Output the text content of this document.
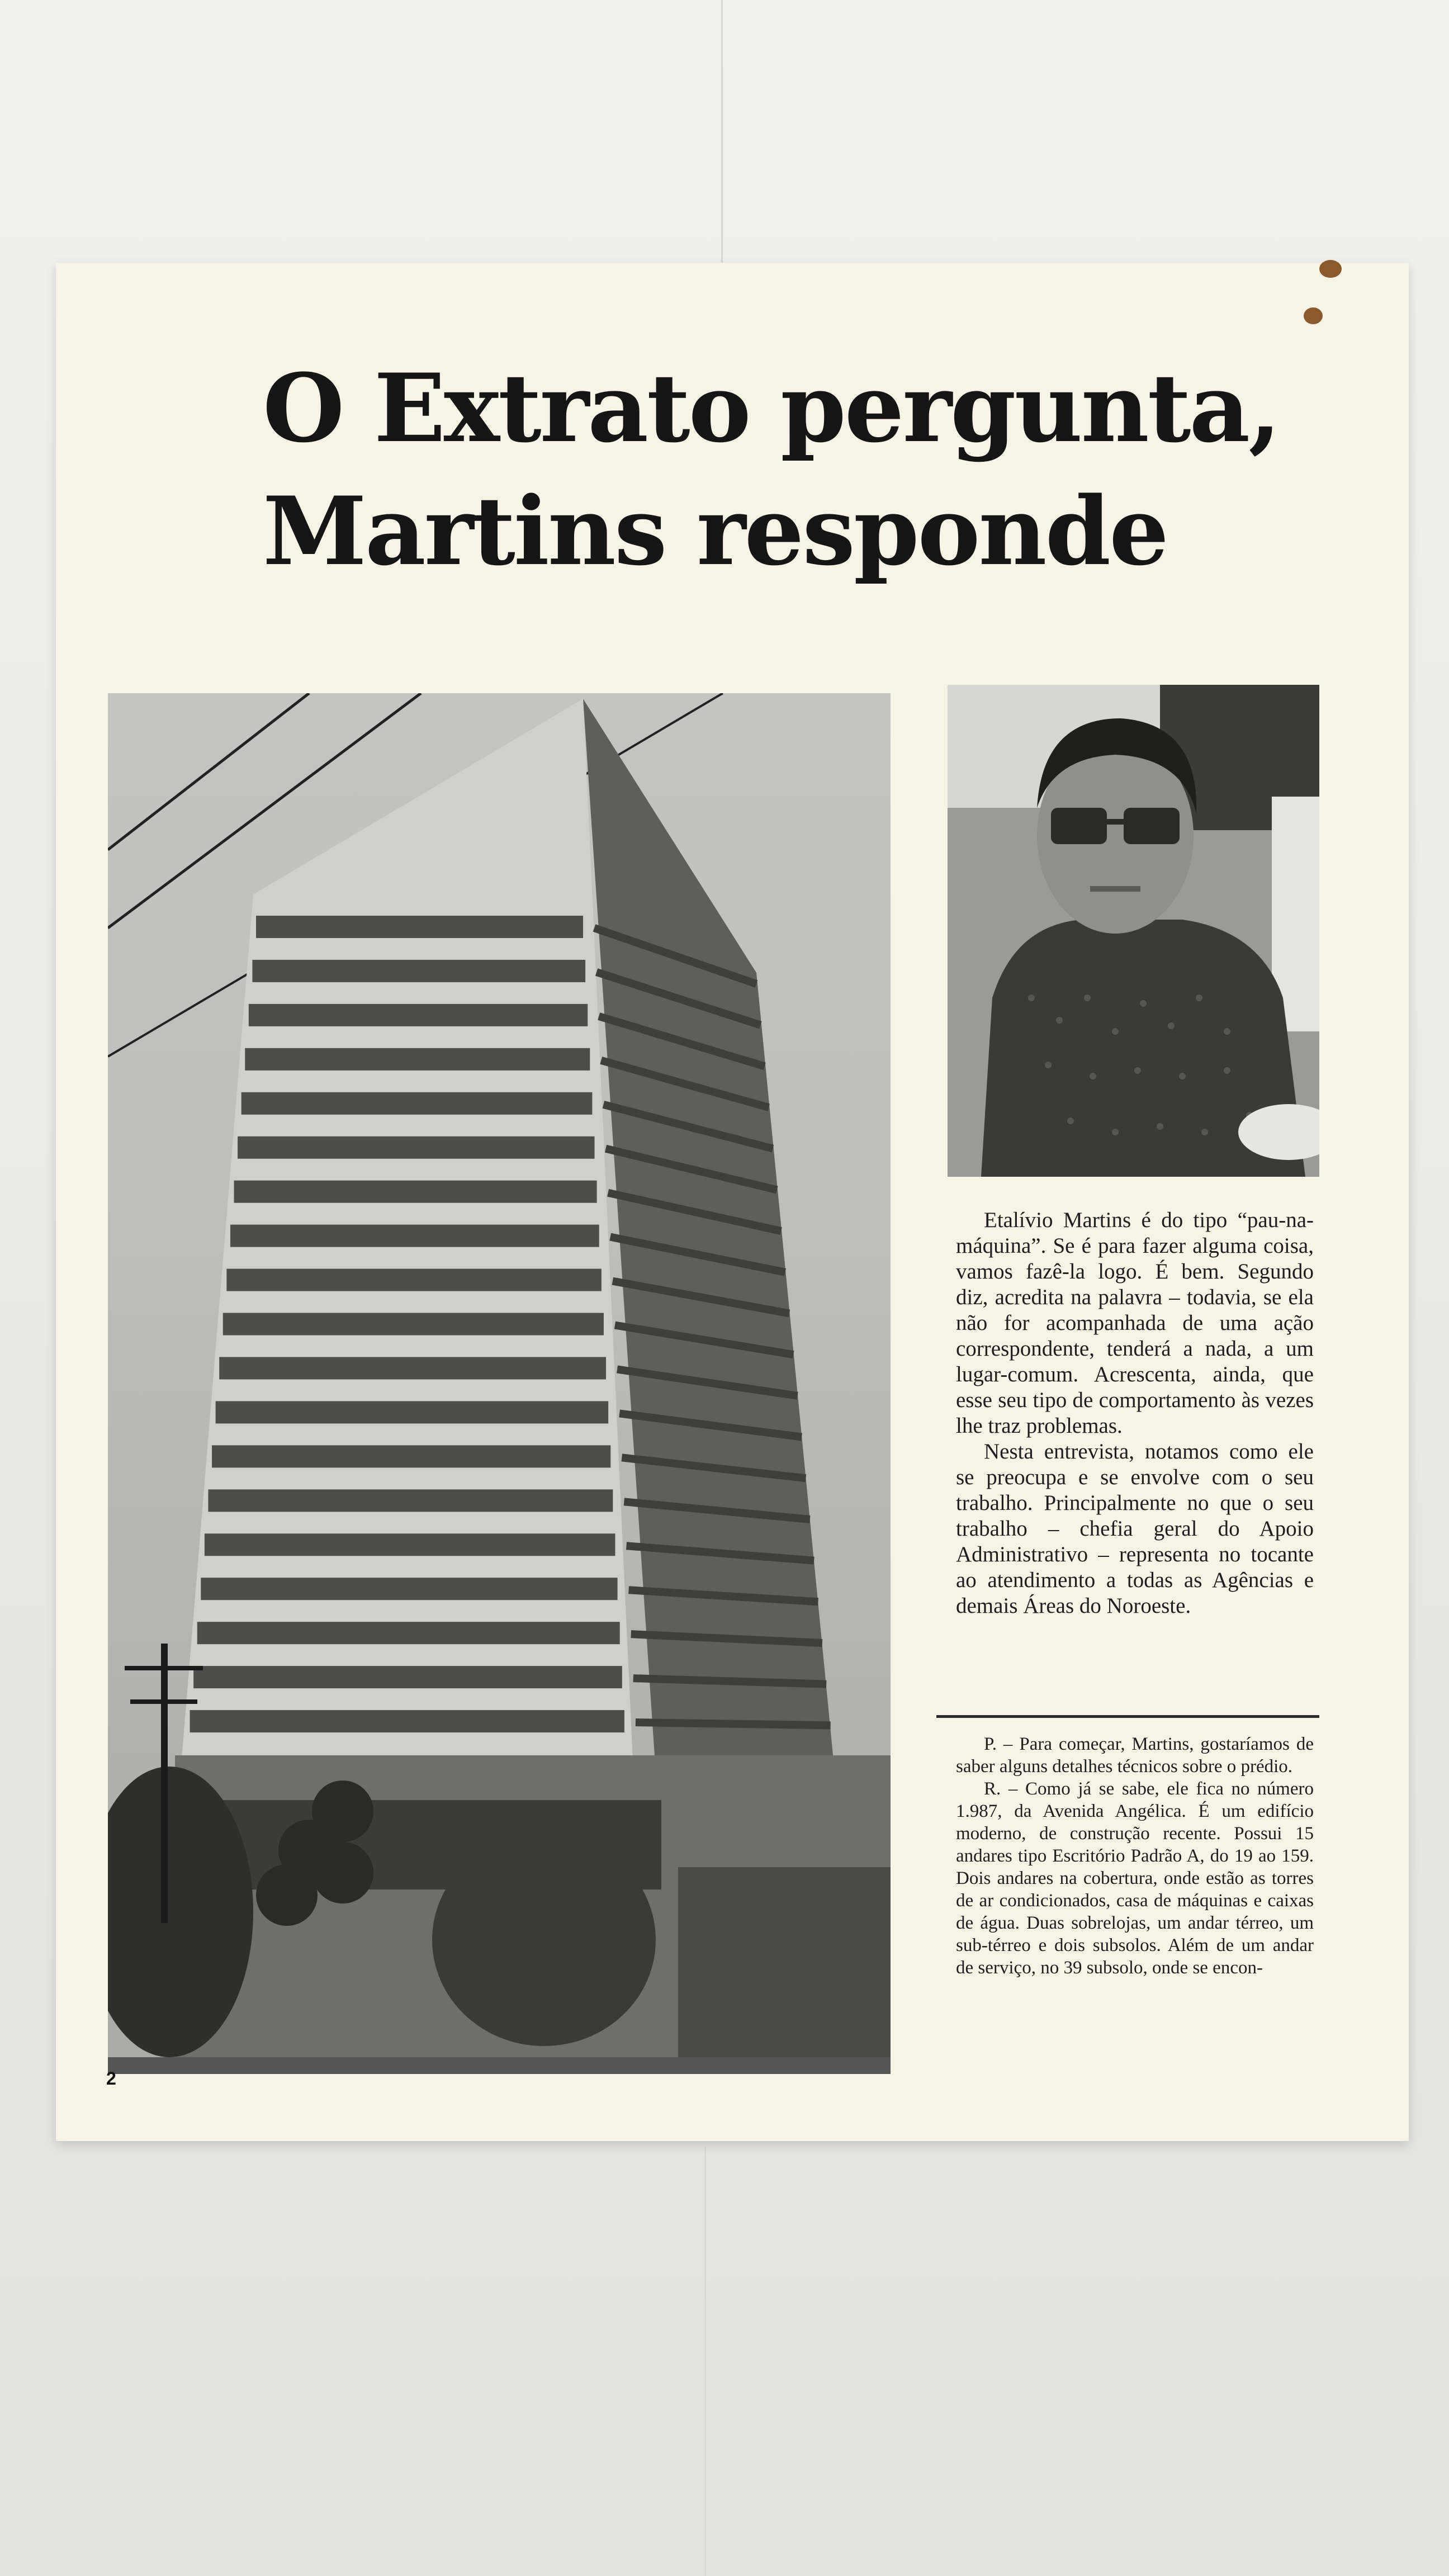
O Extrato pergunta,
Martins responde

Etalívio Martins é do tipo “pau-na-máquina”. Se é para fazer alguma coisa, vamos fazê-la logo. É bem. Segundo diz, acredita na palavra – todavia, se ela não for acompanhada de uma ação correspondente, tenderá a nada, a um lugar-comum. Acrescenta, ainda, que esse seu tipo de comportamento às vezes lhe traz problemas.

Nesta entrevista, notamos como ele se preocupa e se envolve com o seu trabalho. Principalmente no que o seu trabalho – chefia geral do Apoio Administrativo – representa no tocante ao atendimento a todas as Agências e demais Áreas do Noroeste.

P. – Para começar, Martins, gostaríamos de saber alguns detalhes técnicos sobre o prédio.

R. – Como já se sabe, ele fica no número 1.987, da Avenida Angélica. É um edifício moderno, de construção recente. Possui 15 andares tipo Escritório Padrão A, do 19 ao 159. Dois andares na cobertura, onde estão as torres de ar condicionados, casa de máquinas e caixas de água. Duas sobrelojas, um andar térreo, um sub-térreo e dois subsolos. Além de um andar de serviço, no 39 subsolo, onde se encon-

2
